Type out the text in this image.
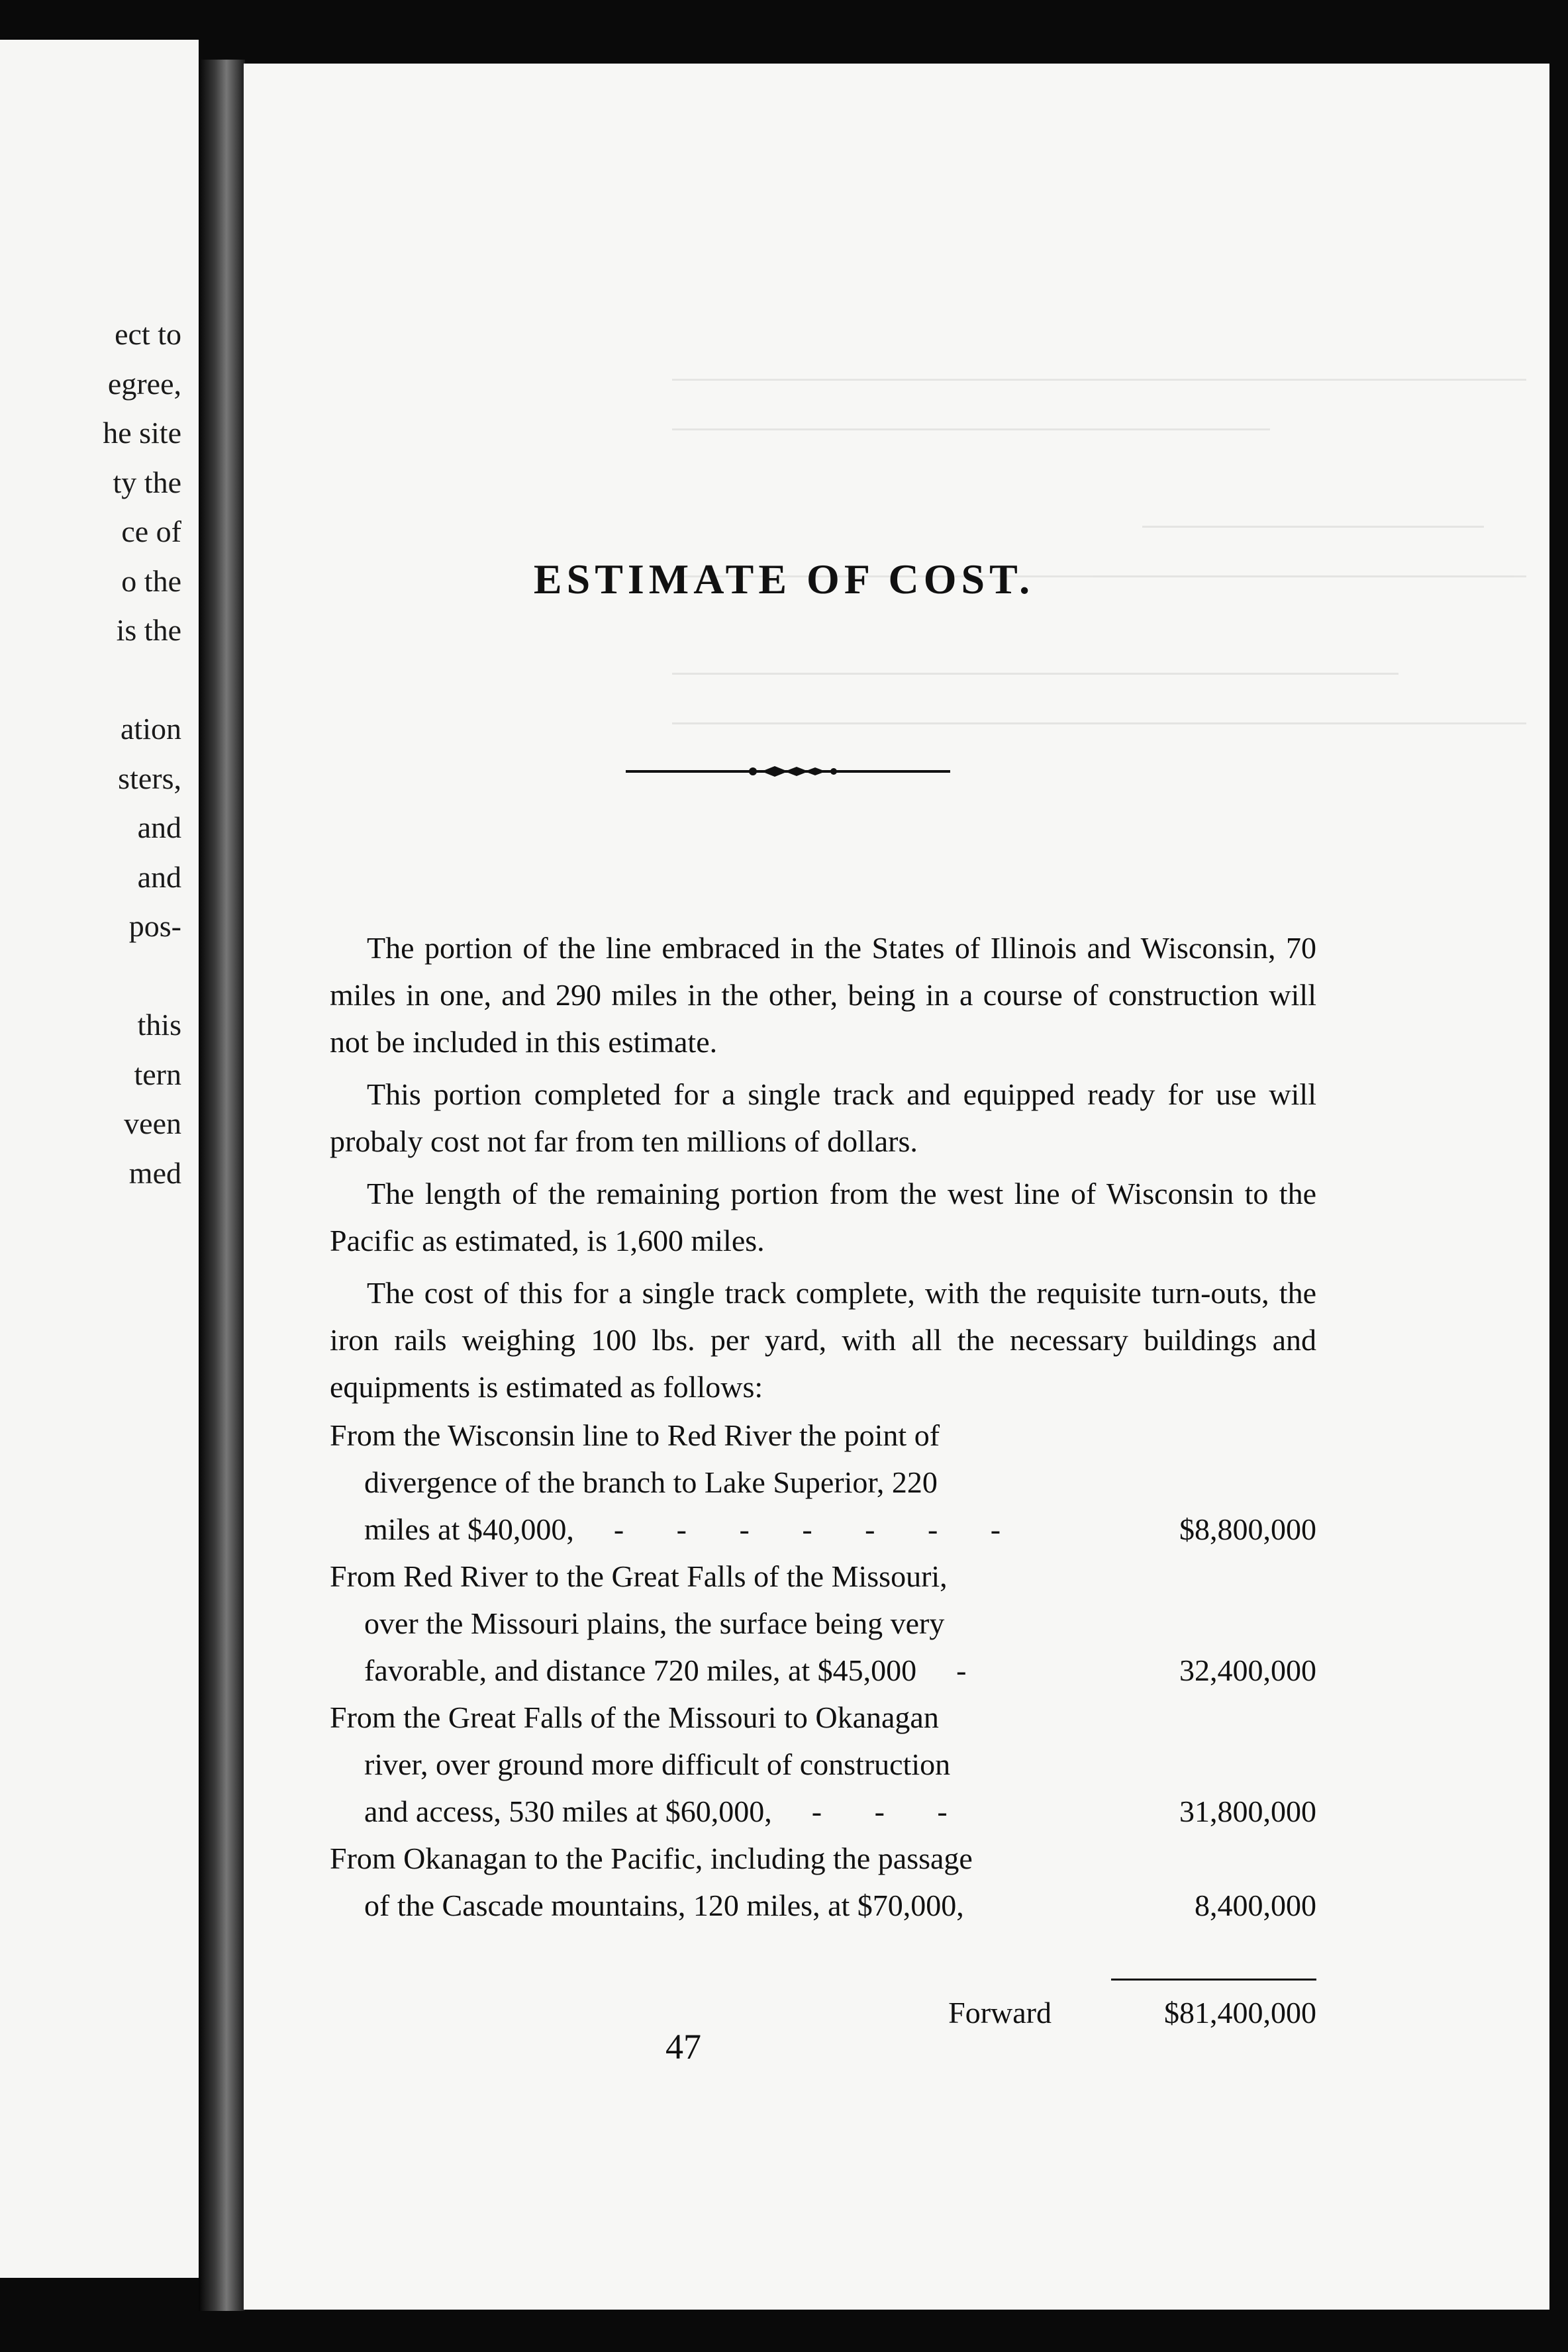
ect to
egree,
he site
ty the
ce of
o the
is the
ation
sters,
and
and
pos-
this
tern
veen
med
ESTIMATE OF COST.

The portion of the line embraced in the States of Illinois and Wisconsin, 70 miles in one, and 290 miles in the other, being in a course of construction will not be included in this estimate.

This portion completed for a single track and equipped ready for use will probaly cost not far from ten millions of dollars.

The length of the remaining portion from the west line of Wisconsin to the Pacific as estimated, is 1,600 miles.

The cost of this for a single track complete, with the requisite turn-outs, the iron rails weighing 100 lbs. per yard, with all the necessary buildings and equipments is estimated as follows:

From the Wisconsin line to Red River the point of
divergence of the branch to Lake Superior, 220
miles at $40,000, - - - - - - -	$8,800,000
From Red River to the Great Falls of the Missouri,
over the Missouri plains, the surface being very
favorable, and distance 720 miles, at $45,000 -	32,400,000
From the Great Falls of the Missouri to Okanagan
river, over ground more difficult of construction
and access, 530 miles at $60,000, - - -	31,800,000
From Okanagan to the Pacific, including the passage
of the Cascade mountains, 120 miles, at $70,000,	8,400,000
Forward	$81,400,000
47
